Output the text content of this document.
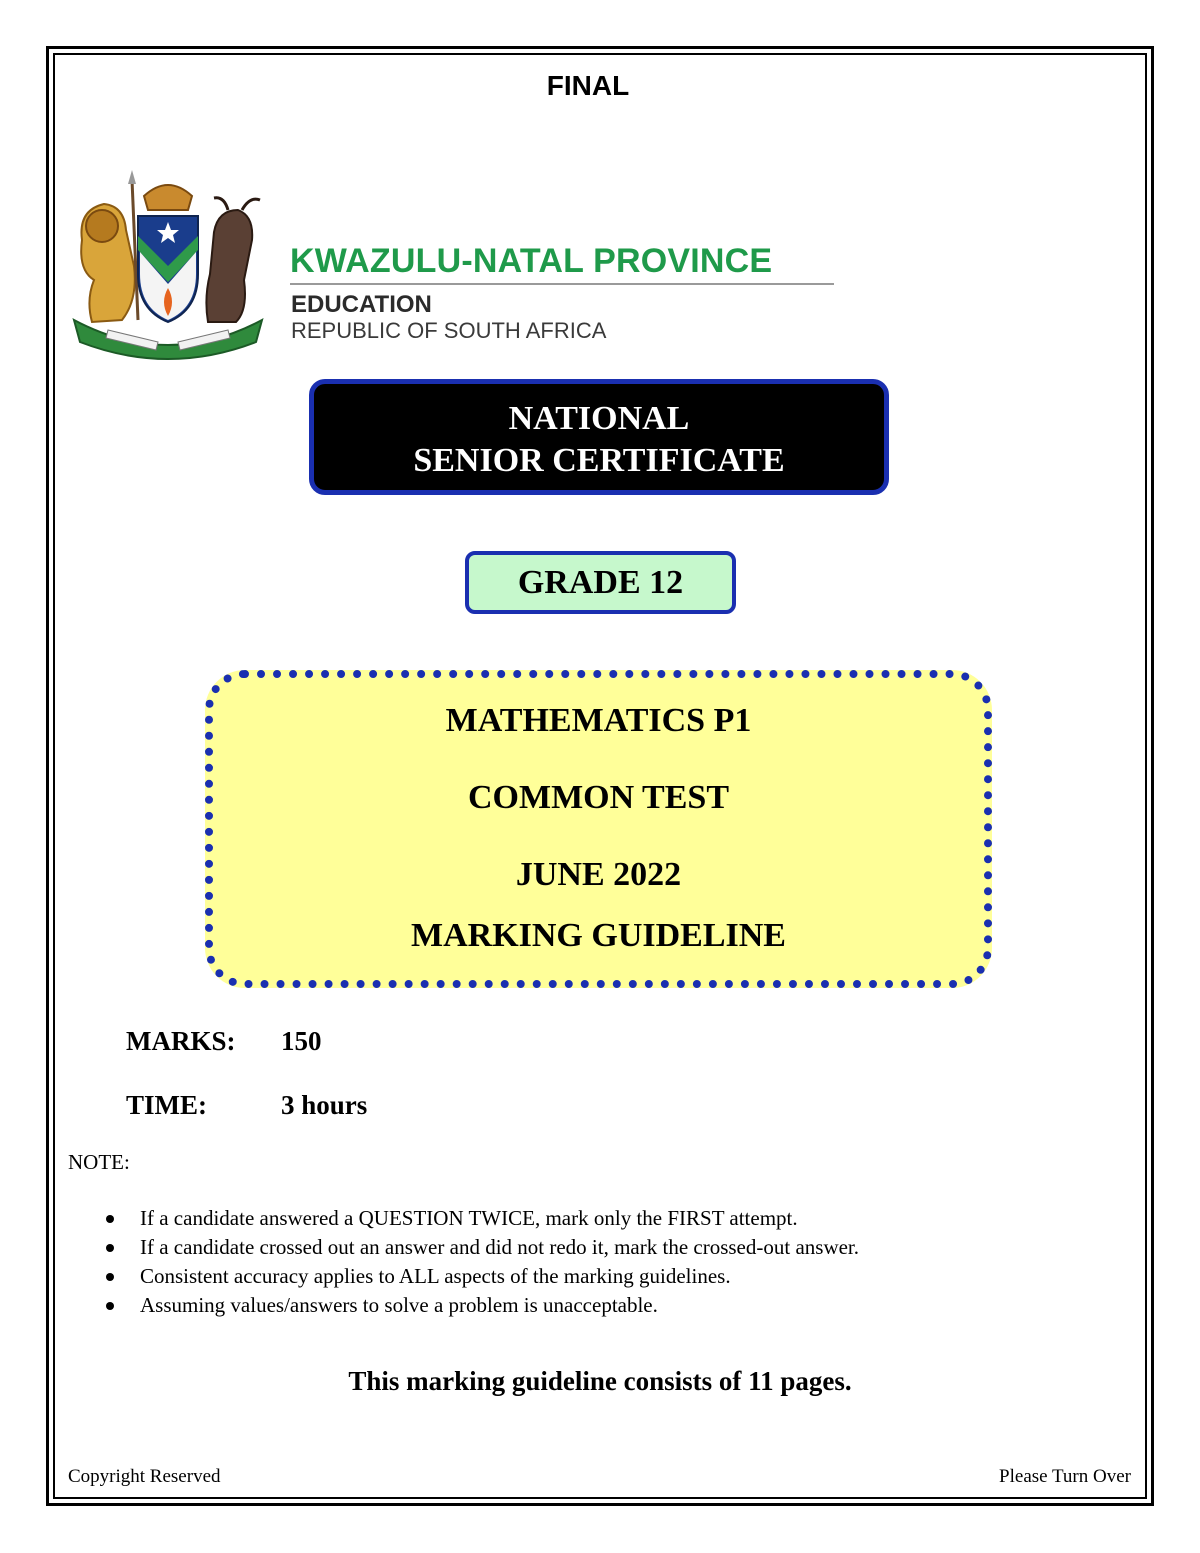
FINAL
KWAZULU-NATAL PROVINCE
EDUCATION
REPUBLIC OF SOUTH AFRICA
NATIONAL
SENIOR CERTIFICATE
GRADE 12
MATHEMATICS P1
COMMON TEST
JUNE 2022
MARKING GUIDELINE
MARKS: 150
TIME:	3 hours
NOTE:
If a candidate answered a QUESTION TWICE, mark only the FIRST attempt.
If a candidate crossed out an answer and did not redo it, mark the crossed-out answer.
Consistent accuracy applies to ALL aspects of the marking guidelines.
Assuming values/answers to solve a problem is unacceptable.
This marking guideline consists of 11 pages.
Copyright Reserved	Please Turn Over
